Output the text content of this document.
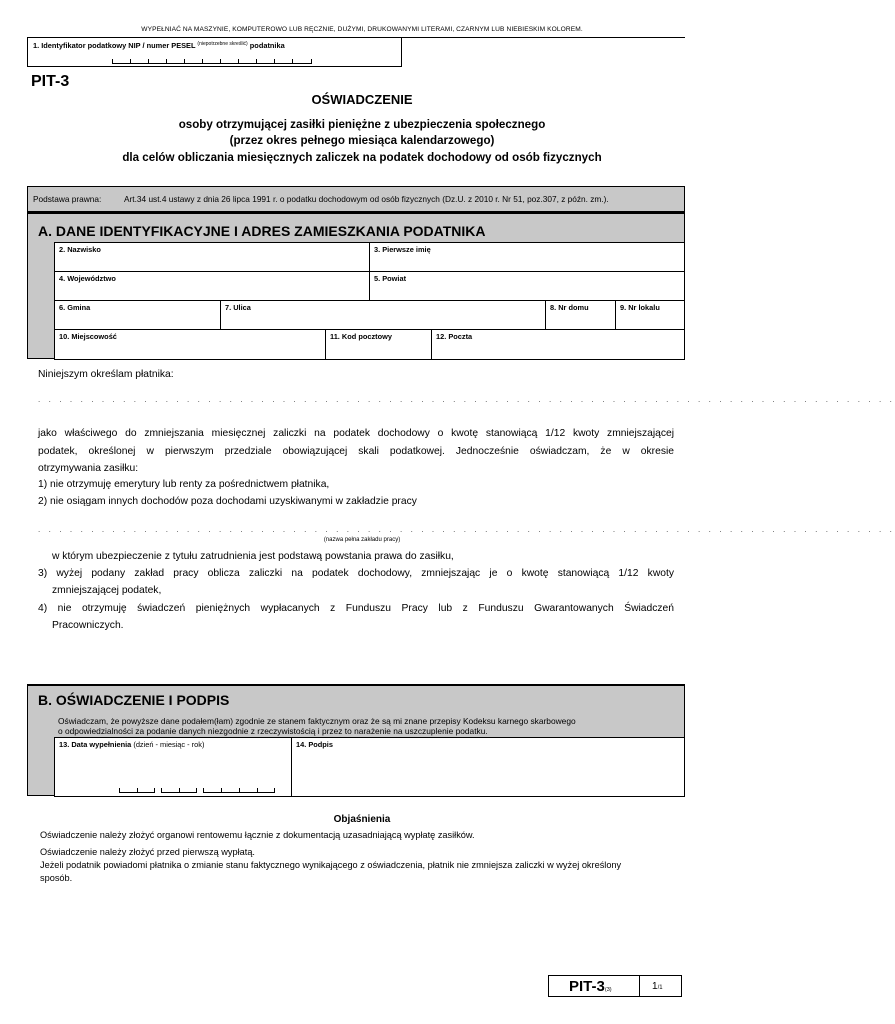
WYPEŁNIAĆ NA MASZYNIE, KOMPUTEROWO LUB RĘCZNIE, DUŻYMI, DRUKOWANYMI LITERAMI, CZARNYM LUB NIEBIESKIM KOLOREM.
1. Identyfikator podatkowy NIP / numer PESEL $^{(niepotrzebne skreślić)}$ podatnika
PIT-3
OŚWIADCZENIE
osoby otrzymującej zasiłki pieniężne z ubezpieczenia społecznego
(przez okres pełnego miesiąca kalendarzowego)
dla celów obliczania miesięcznych zaliczek na podatek dochodowy od osób fizycznych
Podstawa prawna:	Art.34 ust.4 ustawy z dnia 26 lipca 1991 r. o podatku dochodowym od osób fizycznych (Dz.U. z 2010 r. Nr 51, poz.307, z późn. zm.).
A. DANE IDENTYFIKACYJNE I ADRES ZAMIESZKANIA PODATNIKA
2. Nazwisko	3. Pierwsze imię
4. Województwo	5. Powiat
6. Gmina	7. Ulica	8. Nr domu	9. Nr lokalu
10. Miejscowość	11. Kod pocztowy	12. Poczta
Niniejszym określam płatnika:
. . . . . . . . . . . . . . . . . . . . . . . . . . . . . . . . . . . . . . . . . . . . . . . . . . . . . . . . . . . . . . . . . . . . . . . . . . . . . . . . .
jako właściwego do zmniejszania miesięcznej zaliczki na podatek dochodowy o kwotę stanowiącą 1/12 kwoty zmniejszającej
podatek, określonej w pierwszym przedziale obowiązującej skali podatkowej. Jednocześnie oświadczam, że w okresie
otrzymywania zasiłku:
1) nie otrzymuję emerytury lub renty za pośrednictwem płatnika,
2) nie osiągam innych dochodów poza dochodami uzyskiwanymi w zakładzie pracy
. . . . . . . . . . . . . . . . . . . . . . . . . . . . . . . . . . . . . . . . . . . . . . . . . . . . . . . . . . . . . . . . . . . . . . . . . . . . . . . . .
(nazwa pełna zakładu pracy)
w którym ubezpieczenie z tytułu zatrudnienia jest podstawą powstania prawa do zasiłku,
3) wyżej podany zakład pracy oblicza zaliczki na podatek dochodowy, zmniejszając je o kwotę stanowiącą 1/12 kwoty
zmniejszającej podatek,
4) nie otrzymuję świadczeń pieniężnych wypłacanych z Funduszu Pracy lub z Funduszu Gwarantowanych Świadczeń
Pracowniczych.
B. OŚWIADCZENIE I PODPIS
Oświadczam, że powyższe dane podałem(łam) zgodnie ze stanem faktycznym oraz że są mi znane przepisy Kodeksu karnego skarbowego
o odpowiedzialności za podanie danych niezgodnie z rzeczywistością i przez to narażenie na uszczuplenie podatku.
13. Data wypełnienia (dzień - miesiąc - rok)	14. Podpis
Objaśnienia
Oświadczenie należy złożyć organowi rentowemu łącznie z dokumentacją uzasadniającą wypłatę zasiłków.
Oświadczenie należy złożyć przed pierwszą wypłatą.
Jeżeli podatnik powiadomi płatnika o zmianie stanu faktycznego wynikającego z oświadczenia, płatnik nie zmniejsza zaliczki w wyżej określony
sposób.
PIT-3(3)	1/1
